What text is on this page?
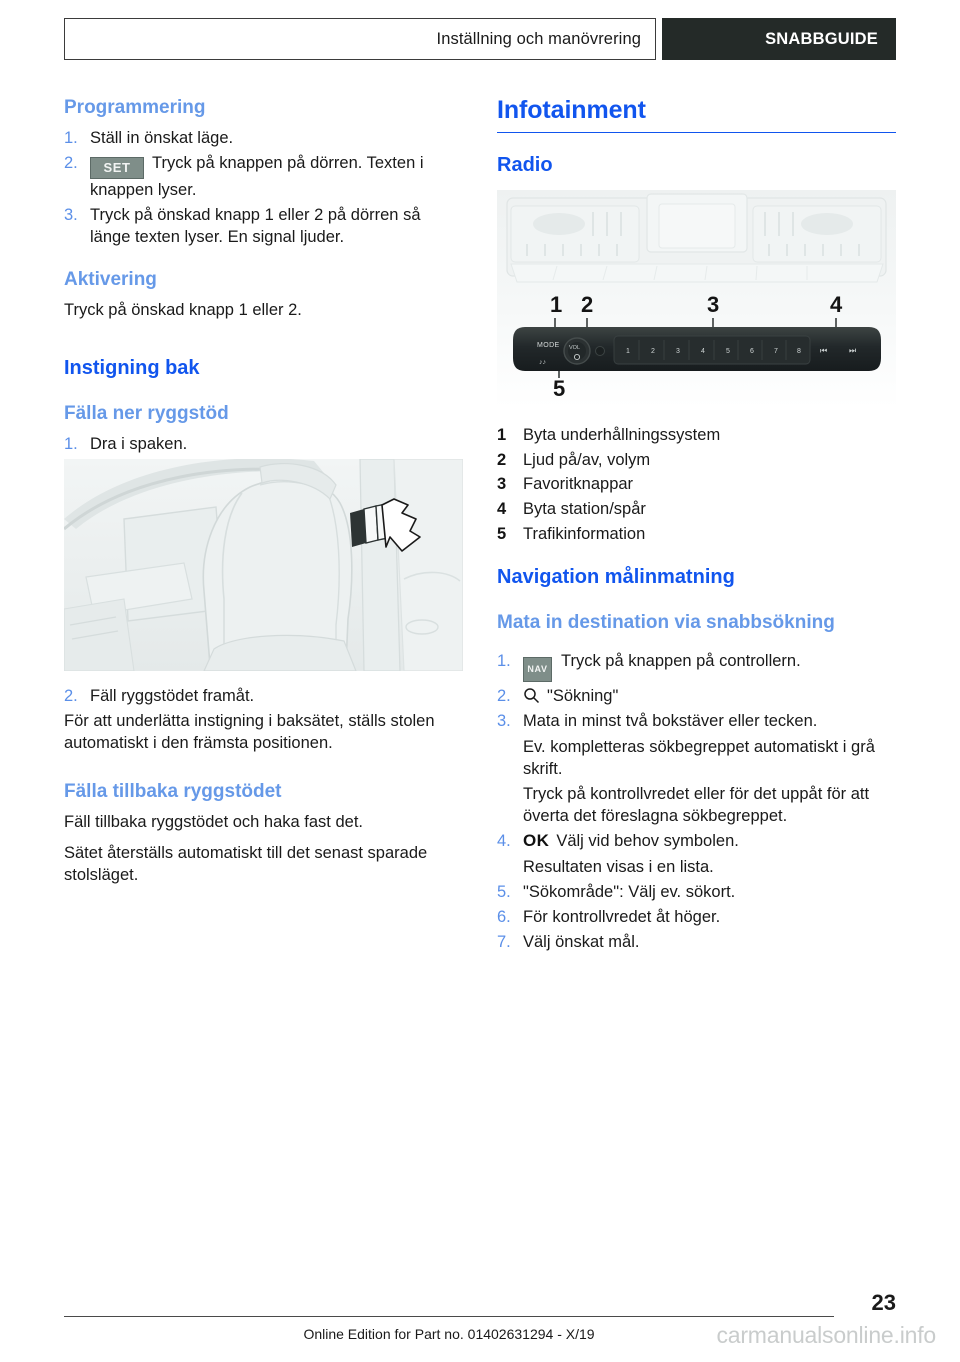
Inställning och manövrering	SNABBGUIDE
Programmering
1. Ställ in önskat läge.
2.	SET Tryck på knappen på dörren. Texten i knappen lyser.
3. Tryck på önskad knapp 1 eller 2 på dörren så länge texten lyser. En signal ljuder.
Aktivering

Tryck på önskad knapp 1 eller 2.

Instigning bak
Fälla ner ryggstöd
1. Dra i spaken.
2. Fäll ryggstödet framåt.

För att underlätta instigning i baksätet, ställs stolen automatiskt i den främsta positionen.

Fälla tillbaka ryggstödet

Fäll tillbaka ryggstödet och haka fast det.

Sätet återställs automatiskt till det senast sparade stolsläget.

Infotainment
Radio
1 2	3	4
5
MODE
♪♪
VOL	1	2	3	4	5	6	7	8 ⏮	⏭
1	Byta underhållningssystem
2	Ljud på/av, volym
3	Favoritknappar
4	Byta station/spår
5	Trafikinformation
Navigation målinmatning
Mata in destination via snabbsökning
1.	NAV Tryck på knappen på controllern.
2.	"Sökning"
3. Mata in minst två bokstäver eller tecken.
Ev. kompletteras sökbegreppet automatiskt i grå skrift.
Tryck på kontrollvredet eller för det uppåt för att överta det föreslagna sökbegreppet.
4. OK Välj vid behov symbolen.
Resultaten visas i en lista.
5. "Sökområde": Välj ev. sökort.
6. För kontrollvredet åt höger.
7. Välj önskat mål.
23
Online Edition for Part no. 01402631294 - X/19	carmanualsonline.info
